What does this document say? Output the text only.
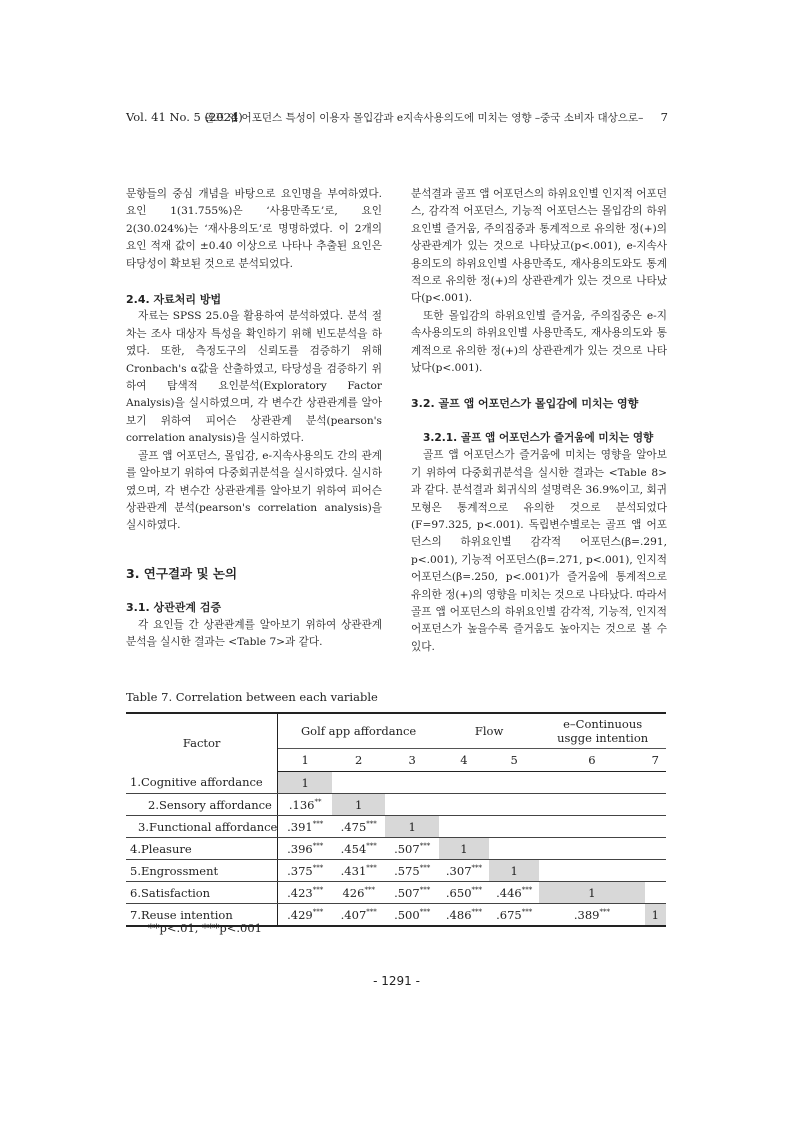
Vol. 41 No. 5 (2024)
골프 앱 어포던스 특성이 이용자 몰입감과 e지속사용의도에 미치는 영향 –중국 소비자 대상으로– 7

문항들의 중심 개념을 바탕으로 요인명을 부여하였다. 요인 1(31.755%)은 ‘사용만족도’로, 요인 2(30.024%)는 ‘재사용의도’로 명명하였다. 이 2개의 요인 적재 값이 ±0.40 이상으로 나타나 추출된 요인은 타당성이 확보된 것으로 분석되었다.

2.4. 자료처리 방법

자료는 SPSS 25.0을 활용하여 분석하였다. 분석 절차는 조사 대상자 특성을 확인하기 위해 빈도분석을 하였다. 또한, 측정도구의 신뢰도를 검증하기 위해 Cronbach's α값을 산출하였고, 타당성을 검증하기 위하여 탐색적 요인분석(Exploratory Factor Analysis)을 실시하였으며, 각 변수간 상관관계를 알아보기 위하여 피어슨 상관관계 분석(pearson's correlation analysis)을 실시하였다.

골프 앱 어포던스, 몰입감, e-지속사용의도 간의 관계를 알아보기 위하여 다중회귀분석을 실시하였다. 실시하였으며, 각 변수간 상관관계를 알아보기 위하여 피어슨 상관관계 분석(pearson's correlation analysis)을 실시하였다.

3. 연구결과 및 논의

3.1. 상관관계 검증

각 요인들 간 상관관계를 알아보기 위하여 상관관계 분석을 실시한 결과는 <Table 7>과 같다.

분석결과 골프 앱 어포던스의 하위요인별 인지적 어포던스, 감각적 어포던스, 기능적 어포던스는 몰입감의 하위요인별 즐거움, 주의집중과 통계적으로 유의한 정(+)의 상관관계가 있는 것으로 나타났고(p<.001), e-지속사용의도의 하위요인별 사용만족도, 재사용의도와도 통계적으로 유의한 정(+)의 상관관계가 있는 것으로 나타났다(p<.001).

또한 몰입감의 하위요인별 즐거움, 주의집중은 e-지속사용의도의 하위요인별 사용만족도, 재사용의도와 통계적으로 유의한 정(+)의 상관관계가 있는 것으로 나타났다(p<.001).

3.2. 골프 앱 어포던스가 몰입감에 미치는 영향

3.2.1. 골프 앱 어포던스가 즐거움에 미치는 영향

골프 앱 어포던스가 즐거움에 미치는 영향을 알아보기 위하여 다중회귀분석을 실시한 결과는 <Table 8>과 같다. 분석결과 회귀식의 설명력은 36.9%이고, 회귀모형은 통계적으로 유의한 것으로 분석되었다(F=97.325, p<.001). 독립변수별로는 골프 앱 어포던스의 하위요인별 감각적 어포던스(β=.291, p<.001), 기능적 어포던스(β=.271, p<.001), 인지적 어포던스(β=.250, p<.001)가 즐거움에 통계적으로 유의한 정(+)의 영향을 미치는 것으로 나타났다. 따라서 골프 앱 어포던스의 하위요인별 감각적, 기능적, 인지적 어포던스가 높을수록 즐거움도 높아지는 것으로 볼 수 있다.

Table 7. Correlation between each variable
Factor	Golf app affordance			Flow		e–Continuous
usgge intention	

	1	2	3	4	5	6	7
1.Cognitive affordance	1						
2.Sensory affordance	.136**	1					
3.Functional affordance	.391***	.475***	1				
4.Pleasure	.396***	.454***	.507***	1			
5.Engrossment	.375***	.431***	.575***	.307***	1		
6.Satisfaction	.423***	426***	.507***	.650***	.446***	1	
7.Reuse intention	.429***	.407***	.500***	.486***	.675***	.389***	1
**p<.01, ***p<.001
- 1291 -
